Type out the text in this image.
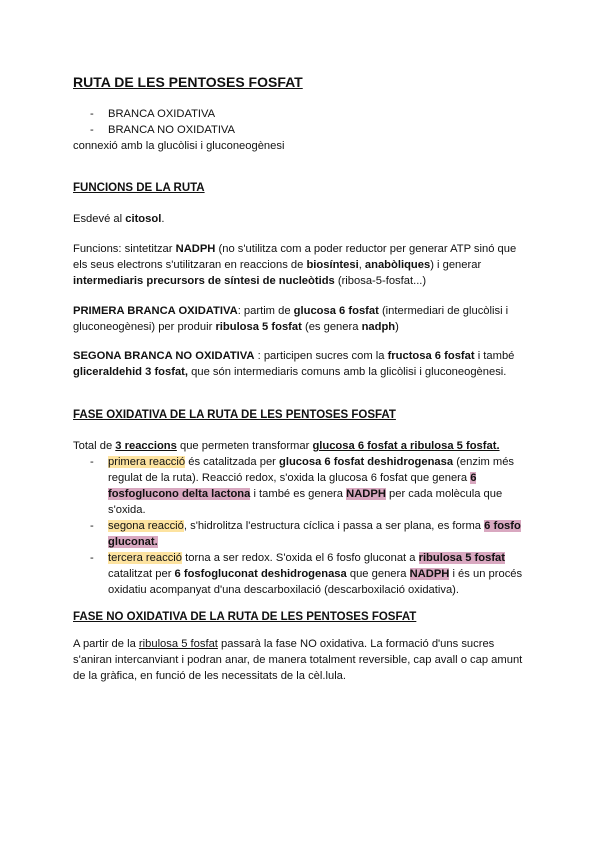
RUTA DE LES PENTOSES FOSFAT
- BRANCA OXIDATIVA
- BRANCA NO OXIDATIVA
connexió amb la glucòlisi i gluconeogènesi
FUNCIONS DE LA RUTA
Esdevé al citosol.
Funcions: sintetitzar NADPH (no s'utilitza com a poder reductor per generar ATP sinó que els seus electrons s'utilitzaran en reaccions de biosíntesi, anabòliques) i generar intermediaris precursors de síntesi de nucleòtids (ribosa-5-fosfat...)
PRIMERA BRANCA OXIDATIVA: partim de glucosa 6 fosfat (intermediari de glucòlisi i gluconeogènesi) per produir ribulosa 5 fosfat (es genera nadph)
SEGONA BRANCA NO OXIDATIVA : participen sucres com la fructosa 6 fosfat i també gliceraldehid 3 fosfat, que són intermediaris comuns amb la glicòlisi i gluconeogènesi.
FASE OXIDATIVA DE LA RUTA DE LES PENTOSES FOSFAT
Total de 3 reaccions que permeten transformar glucosa 6 fosfat a ribulosa 5 fosfat.
- primera reacció és catalitzada per glucosa 6 fosfat deshidrogenasa (enzim més regulat de la ruta). Reacció redox, s'oxida la glucosa 6 fosfat que genera 6 fosfoglucono delta lactona i també es genera NADPH per cada molècula que s'oxida.
- segona reacció, s'hidrolitza l'estructura cíclica i passa a ser plana, es forma 6 fosfo gluconat.
- tercera reacció torna a ser redox. S'oxida el 6 fosfo gluconat a ribulosa 5 fosfat catalitzat per 6 fosfogluconat deshidrogenasa que genera NADPH i és un procés oxidatiu acompanyat d'una descarboxilació (descarboxilació oxidativa).
FASE NO OXIDATIVA DE LA RUTA DE LES PENTOSES FOSFAT
A partir de la ribulosa 5 fosfat passarà la fase NO oxidativa. La formació d'uns sucres s'aniran intercanviant i podran anar, de manera totalment reversible, cap avall o cap amunt de la gràfica, en funció de les necessitats de la cèl.lula.
